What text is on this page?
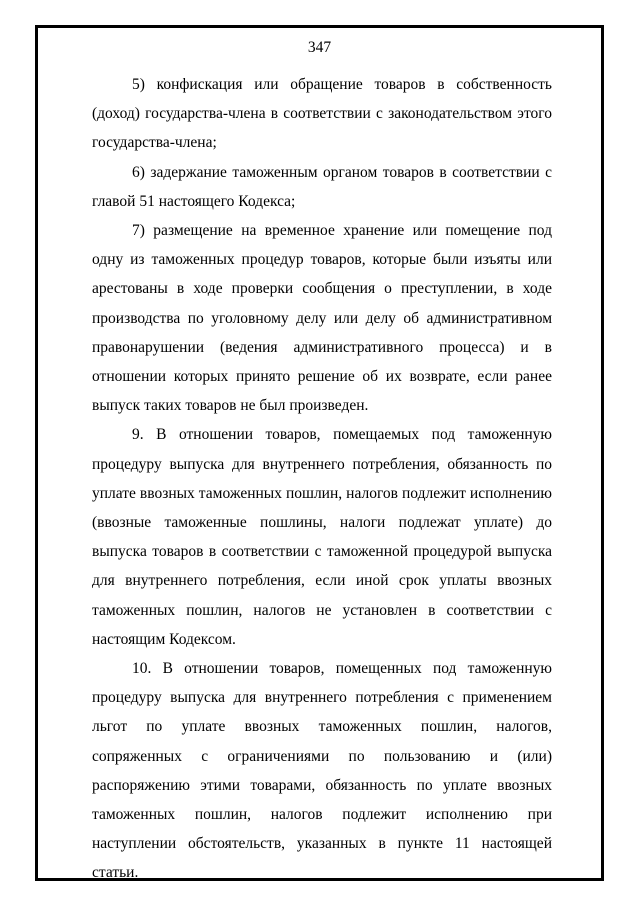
347

5) конфискация или обращение товаров в собственность (доход) государства-члена в соответствии с законодательством этого государства-члена;

6) задержание таможенным органом товаров в соответствии с главой 51 настоящего Кодекса;

7) размещение на временное хранение или помещение под одну из таможенных процедур товаров, которые были изъяты или арестованы в ходе проверки сообщения о преступлении, в ходе производства по уголовному делу или делу об административном правонарушении (ведения административного процесса) и в отношении которых принято решение об их возврате, если ранее выпуск таких товаров не был произведен.

9. В отношении товаров, помещаемых под таможенную процедуру выпуска для внутреннего потребления, обязанность по уплате ввозных таможенных пошлин, налогов подлежит исполнению (ввозные таможенные пошлины, налоги подлежат уплате) до выпуска товаров в соответствии с таможенной процедурой выпуска для внутреннего потребления, если иной срок уплаты ввозных таможенных пошлин, налогов не установлен в соответствии с настоящим Кодексом.

10. В отношении товаров, помещенных под таможенную процедуру выпуска для внутреннего потребления с применением льгот по уплате ввозных таможенных пошлин, налогов, сопряженных с ограничениями по пользованию и (или) распоряжению этими товарами, обязанность по уплате ввозных таможенных пошлин, налогов подлежит исполнению при наступлении обстоятельств, указанных в пункте 11 настоящей статьи.
